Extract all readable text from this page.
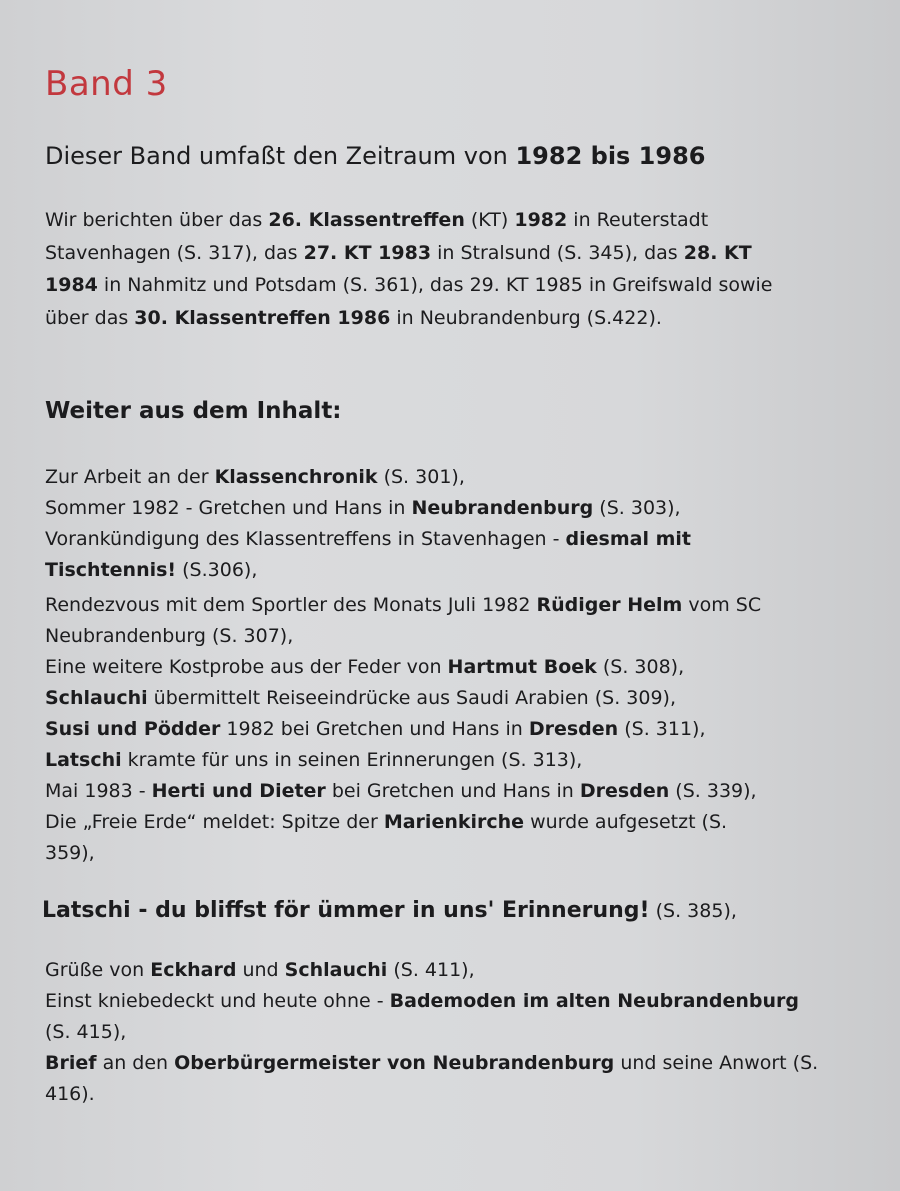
Band 3
Dieser Band umfaßt den Zeitraum von 1982 bis 1986
Wir berichten über das 26. Klassentreffen (KT) 1982 in Reuterstadt
Stavenhagen (S. 317), das 27. KT 1983 in Stralsund (S. 345), das 28. KT
1984 in Nahmitz und Potsdam (S. 361), das 29. KT 1985 in Greifswald sowie
über das 30. Klassentreffen 1986 in Neubrandenburg (S.422).
Weiter aus dem Inhalt:
Zur Arbeit an der Klassenchronik (S. 301),
Sommer 1982 - Gretchen und Hans in Neubrandenburg (S. 303),
Vorankündigung des Klassentreffens in Stavenhagen - diesmal mit
Tischtennis! (S.306),
Rendezvous mit dem Sportler des Monats Juli 1982 Rüdiger Helm vom SC
Neubrandenburg (S. 307),
Eine weitere Kostprobe aus der Feder von Hartmut Boek (S. 308),
Schlauchi übermittelt Reiseeindrücke aus Saudi Arabien (S. 309),
Susi und Pödder 1982 bei Gretchen und Hans in Dresden (S. 311),
Latschi kramte für uns in seinen Erinnerungen (S. 313),
Mai 1983 - Herti und Dieter bei Gretchen und Hans in Dresden (S. 339),
Die „Freie Erde“ meldet: Spitze der Marienkirche wurde aufgesetzt (S.
359),
Latschi - du bliffst för ümmer in uns' Erinnerung! (S. 385),
Grüße von Eckhard und Schlauchi (S. 411),
Einst kniebedeckt und heute ohne - Bademoden im alten Neubrandenburg
(S. 415),
Brief an den Oberbürgermeister von Neubrandenburg und seine Anwort (S.
416).
